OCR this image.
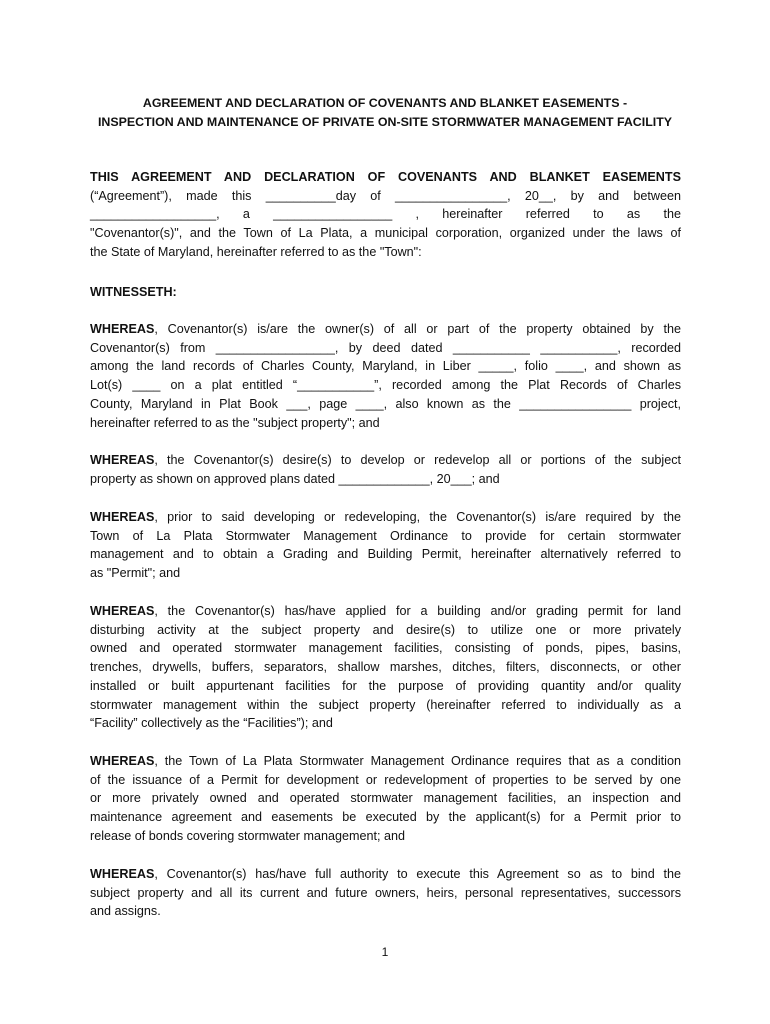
AGREEMENT AND DECLARATION OF COVENANTS AND BLANKET EASEMENTS -
INSPECTION AND MAINTENANCE OF PRIVATE ON-SITE STORMWATER MANAGEMENT FACILITY
THIS AGREEMENT AND DECLARATION OF COVENANTS AND BLANKET EASEMENTS
(“Agreement”), made this __________day of ________________, 20__, by and between
__________________, a _________________ , hereinafter referred to as the
"Covenantor(s)", and the Town of La Plata, a municipal corporation, organized under the laws of
the State of Maryland, hereinafter referred to as the "Town":
WITNESSETH:
WHEREAS, Covenantor(s) is/are the owner(s) of all or part of the property obtained by the
Covenantor(s) from _________________, by deed dated ___________ ___________, recorded
among the land records of Charles County, Maryland, in Liber _____, folio ____, and shown as
Lot(s) ____ on a plat entitled “___________”, recorded among the Plat Records of Charles
County, Maryland in Plat Book ___, page ____, also known as the ________________ project,
hereinafter referred to as the "subject property"; and
WHEREAS, the Covenantor(s) desire(s) to develop or redevelop all or portions of the subject
property as shown on approved plans dated _____________, 20___; and
WHEREAS, prior to said developing or redeveloping, the Covenantor(s) is/are required by the
Town of La Plata Stormwater Management Ordinance to provide for certain stormwater
management and to obtain a Grading and Building Permit, hereinafter alternatively referred to
as "Permit"; and
WHEREAS, the Covenantor(s) has/have applied for a building and/or grading permit for land
disturbing activity at the subject property and desire(s) to utilize one or more privately
owned and operated stormwater management facilities, consisting of ponds, pipes, basins,
trenches, drywells, buffers, separators, shallow marshes, ditches, filters, disconnects, or other
installed or built appurtenant facilities for the purpose of providing quantity and/or quality
stormwater management within the subject property (hereinafter referred to individually as a
“Facility” collectively as the “Facilities”); and
WHEREAS, the Town of La Plata Stormwater Management Ordinance requires that as a condition
of the issuance of a Permit for development or redevelopment of properties to be served by one
or more privately owned and operated stormwater management facilities, an inspection and
maintenance agreement and easements be executed by the applicant(s) for a Permit prior to
release of bonds covering stormwater management; and
WHEREAS, Covenantor(s) has/have full authority to execute this Agreement so as to bind the
subject property and all its current and future owners, heirs, personal representatives, successors
and assigns.
1
